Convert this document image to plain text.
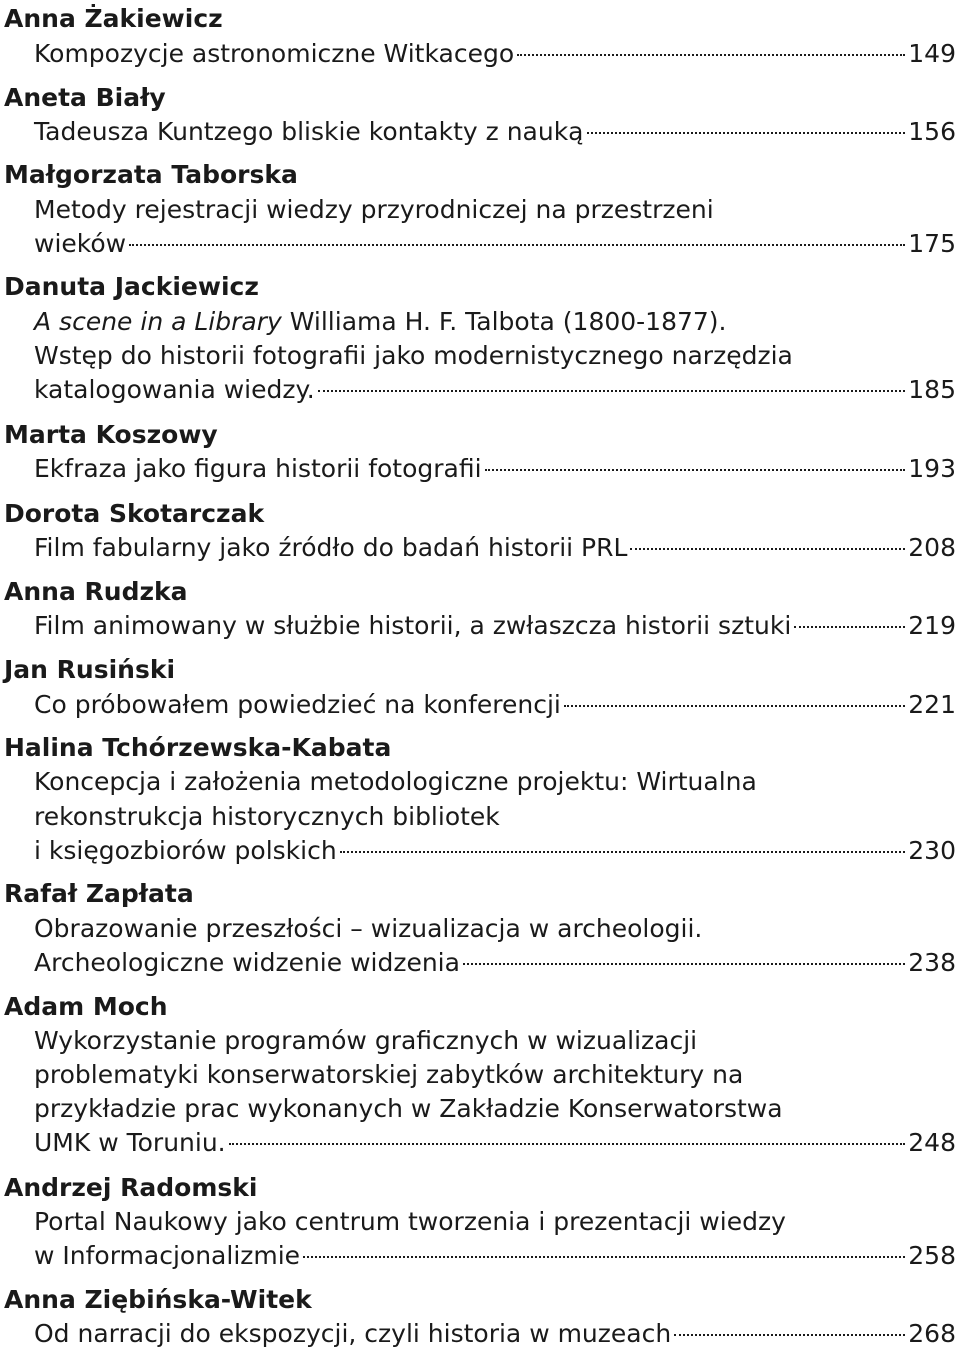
Anna Żakiewicz
Kompozycje astronomiczne Witkacego	149
Aneta Biały
Tadeusza Kuntzego bliskie kontakty z nauką	156
Małgorzata Taborska
Metody rejestracji wiedzy przyrodniczej na przestrzeni
wieków	175
Danuta Jackiewicz
A scene in a Library Williama H. F. Talbota (1800-1877).
Wstęp do historii fotografii jako modernistycznego narzędzia
katalogowania wiedzy.	185
Marta Koszowy
Ekfraza jako figura historii fotografii	193
Dorota Skotarczak
Film fabularny jako źródło do badań historii PRL	208
Anna Rudzka
Film animowany w służbie historii, a zwłaszcza historii sztuki	219
Jan Rusiński
Co próbowałem powiedzieć na konferencji	221
Halina Tchórzewska-Kabata
Koncepcja i założenia metodologiczne projektu: Wirtualna
rekonstrukcja historycznych bibliotek
i księgozbiorów polskich	230
Rafał Zapłata
Obrazowanie przeszłości – wizualizacja w archeologii.
Archeologiczne widzenie widzenia	238
Adam Moch
Wykorzystanie programów graficznych w wizualizacji
problematyki konserwatorskiej zabytków architektury na
przykładzie prac wykonanych w Zakładzie Konserwatorstwa
UMK w Toruniu.	248
Andrzej Radomski
Portal Naukowy jako centrum tworzenia i prezentacji wiedzy
w Informacjonalizmie	258
Anna Ziębińska-Witek
Od narracji do ekspozycji, czyli historia w muzeach	268
